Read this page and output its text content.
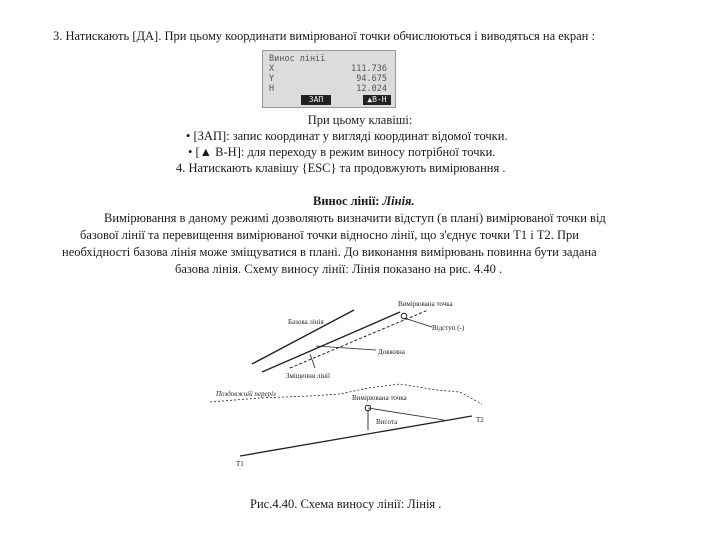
3. Натискають [ДА]. При цьому координати вимірюваної точки обчислюються і виводяться на екран :
Винос лінії
X	111.736
Y	94.675
H	12.024
ЗАП	▲В-Н
При цьому клавіші:
• [ЗАП]: запис координат у вигляді координат відомої точки.
• [▲ В-Н]: для переходу в режим виносу потрібної точки.
4. Натискають клавішу {ESC} та продовжують вимірювання .
Винос лінії: Лінія.
Вимірювання в даному режимі дозволяють визначити відступ (в плані) вимірюваної точки від
базової лінії та перевищення вимірюваної точки відносно лінії, що з'єднує точки Т1 і Т2. При
необхідності базова лінія може зміщуватися в плані. До виконання вимірювань повинна бути задана
базова лінія. Схему виносу лінії: Лінія показано на рис. 4.40 .
Вимірювана точка
Базова лінія
Відступ (-)
Довжина
Зміщення лінії
Поздовжній переріз	Вимірювана точка
Висота
T1
T2
Рис.4.40. Схема виносу лінії: Лінія .
